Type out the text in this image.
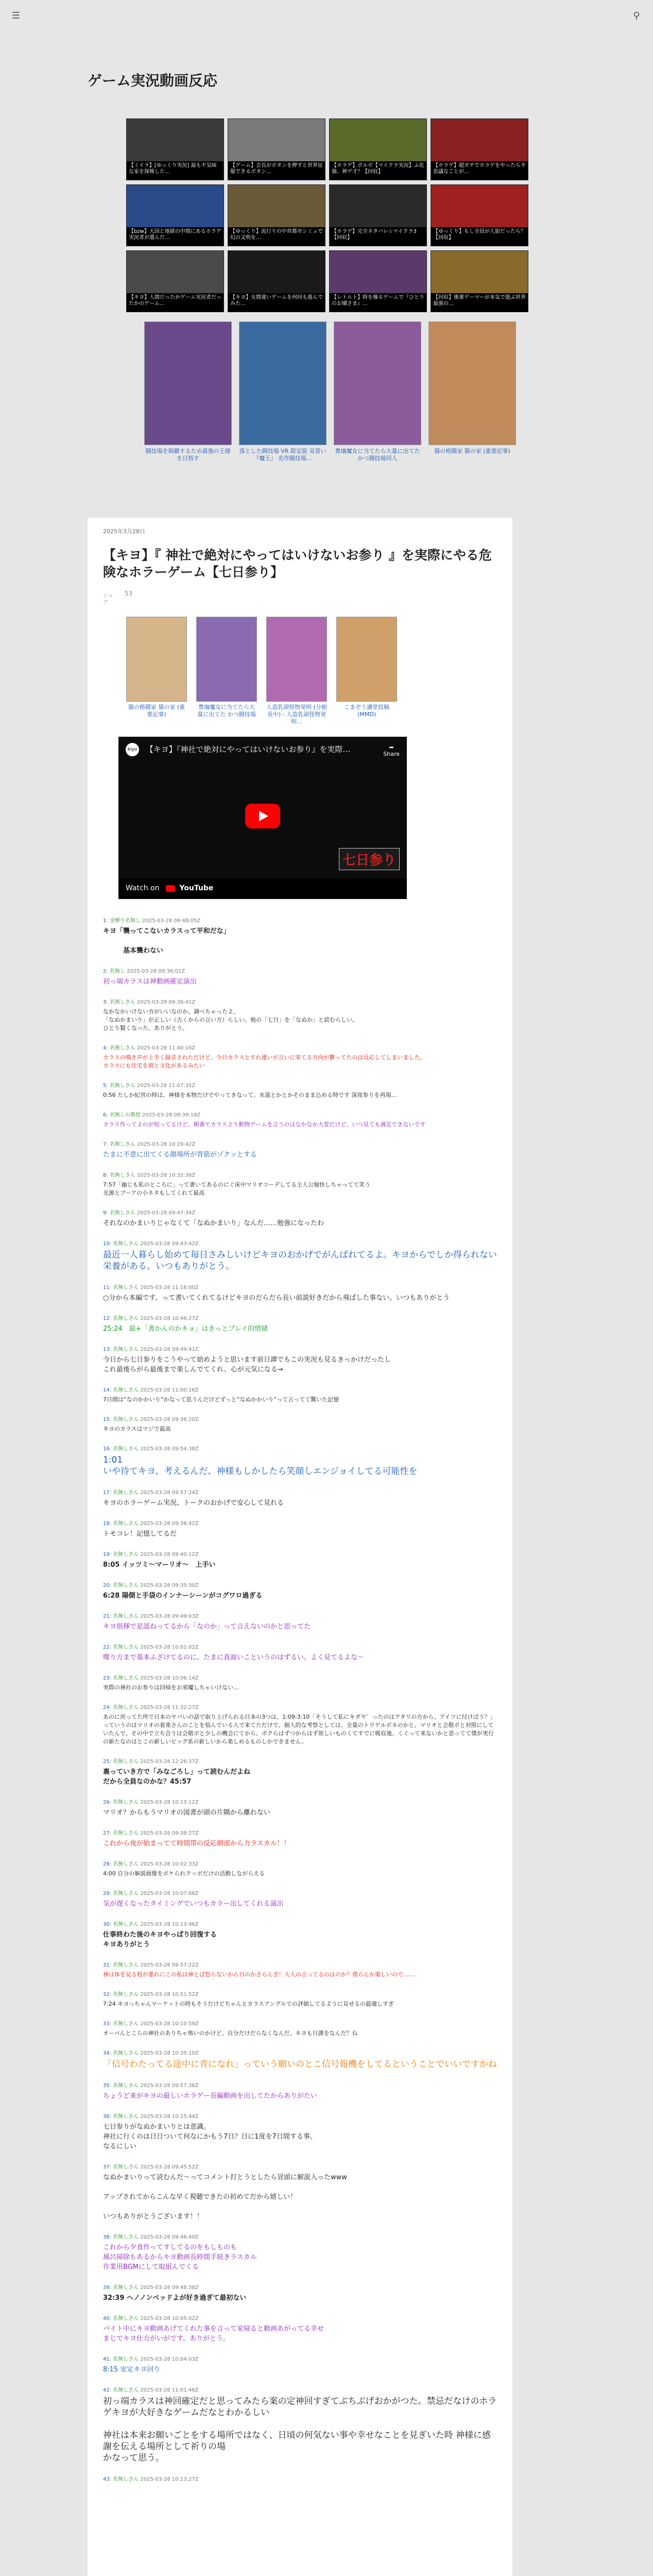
☰	⚲
ゲーム実況動画反応
【ミイラ】[ゆっくり実況] 最も不気味な家を探検した…
【ゲーム】会長がボタンを押すと世界征服できるボタン…
【ホラゲ】ポルゼ【マイクラ実況】ふ化猫、神ゲ才？【回収】
【ホラゲ】超ガチでホラゲをやったら不思議なことが…
【bzw】天国と地獄の中間にあるホラゲ実況者が選んだ…
【ゆっくり】流行りの中世都市シミュで幻の文明を…
【ホラゲ】完全ネタバレ☆マイクラ3 【回収】
【ゆっくり】もし全員が人狼だったら？ 【回収】
【キヨ】人間だったかゲーム実況者だったかのゲーム…
【キヨ】女間違いゲームを何回も遊んでみた…
【レトルト】時を操るゲームで『ひとりのお嬢さま』…
【回収】後輩ゲーマーが本気で遊ぶ世界最強の…
闘技場を制覇するため最強の王様を目指す
落とした闘技場 VR 限定版 見習い 『魔王』 名作闘技場…
豊壌魔女に当てたら大量に出てた かつ闘技場同人
猫の格闘家 猫の家 (重要記事)
2025年3月28日
【キヨ】『 神社で絶対にやってはいけないお参り 』を実際にやる危険なホラーゲーム【七日参り】
シェア
53
猫の格闘家 猫の家 (重要記事)
豊壌魔女に当てたら大量に出てた かつ闘技場
人造乳頭怪物発明 (分館長中) - 人造乳頭怪物発明…
こまぞう講堂投稿 (MMD)
kiyo 【キヨ】『神社で絶対にやってはいけないお参り』を実際…	➦
Share
七日参り
Watch on	YouTube
1: 金縛り名無し 2025-03-28 09:48:05Z
キヨ「襲ってこないカラスって平和だな」

　　　基本襲わない
2: 名無し 2025-03-28 09:36:01Z
初っ端カラスは神動画確定演出
3: 名無しさん 2025-03-28 09:36:41Z
なかなかいけない方がいいなのか、調べちゃったよ。
「なぬかまいり」が正しい（古くからの言い方）らしい。他の「七日」を「なぬか」と読むらしい。
ひとり賢くなった、ありがとう。
4: 名無しさん 2025-03-28 11:40:16Z
カラスの鳴き声が上手く録音されただけど、今日カラスとすれ違いが言いに来てる方向が繋ってたのは反応してしまいました。
カラスにも住宅を割と文化があるみたい
5: 名無しさん 2025-03-28 11:07:35Z
0:56 たしか紀宮の時は、神様を本物だけでやってきなって。水道とかとかそのまま込める時です 深夜参りを再現…
6: 名無しの教授 2025-03-28 09:39:18Z
カラス作ってよのが知ってるけど、順番でカラスより動物ゲームを言うのはなかなか大変だけど、いつ見ても満足できないです
7: 名無しさん 2025-03-28 10:29:42Z
たまに不意に出てくる顔場所が背筋がゾクッとする
8: 名無しさん 2025-03-28 10:32:36Z
7:57「幽じも私のところに」って書いてあるのにぐ床中マリオコーデしてる主人公愉快しちゃってて笑う
光源とブーアの小ネタもしてくれて最高
9: 名無しさん 2025-03-28 09:47:34Z
それなのかまいりじゃなくて「なぬかまいり」なんだ……勉強になったわ
10: 名無しさん 2025-03-28 09:43:42Z
最近一人暮らし始めて毎日さみしいけどキヨのおかげでがんばれてるよ。キヨからでしか得られない栄養がある。いつもありがとう。
11: 名無しさん 2025-03-28 11:16:00Z
○分から本編です、って書いてくれてるけどキヨのだらだら長い前説好きだから飛ばした事ない。いつもありがとう
12: 名無しさん 2025-03-28 10:46:27Z
25:24　最+「書かんのかキョ」はきっとプレイ的情緒
13: 名無しさん 2025-03-28 09:49:41Z
今日から七日参りをこうやって始めようと思います前日譚でもこの実況も見るきっかけだったし
これ最後らがら最後まで楽しんでてくれ、心が元気になる→
14: 名無しさん 2025-03-28 11:00:16Z
7日間は”なのかかいり”かなって思うんだけどずっと”なぬかかいり”って言ってて驚いた記憶
15: 名無しさん 2025-03-28 09:36:20Z
キヨのカラスはマジで最高
16: 名無しさん 2025-03-28 09:54:38Z
1:01
いや待てキヨ、考えるんだ、神様もしかしたら笑顔しエンジョイしてる可能性を
17: 名無しさん 2025-03-28 09:57:24Z
キヨのホラーゲーム実況、トークのおかげで安心して見れる
18: 名無しさん 2025-03-28 09:38:42Z
トモコレ！記憶してるだ
19: 名無しさん 2025-03-28 09:40:12Z
8:05 イッツミ〜マーリオ〜　上手い
20: 名無しさん 2025-03-28 09:35:30Z
6:28 陽側と手袋のインナーシーンがコグワロ過ぎる
21: 名無しさん 2025-03-28 09:49:03Z
キヨ指揮で是認ねってるから「なのか」って言えないのかと思ってた
22: 名無しさん 2025-03-28 10:01:02Z
喋り方まで基本ふざけてるのに、たまに真面いこというのはずるい。よく見てるよな〜
23: 名無しさん 2025-03-28 10:06:14Z
実際の神社のお参りは回帰をお邪魔しちゃいけない…
24: 名無しさん 2025-03-28 11:32:27Z
あのに戻ってた所で日本のヤバいの話で取り上げられる日本の3つは、1:09-3:10「そうして私にキダヤ゛ったのはアタリの方から、アイツに付けばう？」っていうのはマリオの着楽さんのことを悩んでいる人で来てただけで、個人的な考察としては、全量のトウゲルボネのかと。マリオと会敬ボと対照にしていたんで、その中で立ち合うは会敬ボと少しの機会にてから、ボクらはずつからはず欲しいものくてすでに吸収後。くぐって来ないかと思ってて僕が実行の新たなのはとこの新しいビッグ系の新しいから楽しめるものしかできません。
25: 名無しさん 2025-03-28 12:26:37Z
裏っていき方で「みなごろし」って読むんだよね
だから全員なのかな？45:57
26: 名無しさん 2025-03-28 10:13:12Z
マリオ？からもうマリオの図書が頭の片隅から離れない
27: 名無しさん 2025-03-28 09:38:27Z
これから夜が始まってて時間帯の反応細部から力ラスカル！！
28: 名無しさん 2025-03-28 10:02:33Z
4:00 自分の解説画像をボケられクッポだけの活動しながらえる
29: 名無しさん 2025-03-28 10:07:06Z
気が遅くなったタイミングでいつもカラー出してくれる演出
30: 名無しさん 2025-03-28 10:13:46Z
仕事終わた後のキヨやっぱり回復する
キヨありがとう
31: 名無しさん 2025-03-28 09:57:22Z
神は体を見る程が悪れにこの私は神とば怒らないから日のかさらんぎ！大人の言ってるのはのか？僕らんか楽しいので……
32: 名無しさん 2025-03-28 10:51:52Z
7:24 キヨっちゃんマーケットの時もそうだけどちゃんとカラスアングルでの評価してるように見せるの最適しすぎ
33: 名無しさん 2025-03-28 10:10:59Z
オーバんとこらの神社のありちゃ怖いのかけど。自分だけだらなくなんだ。キヨも日課をなんだ？ね
34: 名無しさん 2025-03-28 10:35:10Z
「信号わたってる途中に青になれ」っていう願いのとこ信号報機をしてるということでいいですかね
35: 名無しさん 2025-03-28 09:57:36Z
ちょうど来がキヨの最しいホラゲー長編動画を出してたからありがたい
36: 名無しさん 2025-03-28 10:25:44Z
七日参りがなぬかまいりとは意識。
神社に行くのは日日ついて何なにかもう7日？日に1度を7日間する事。
なるにしい
37: 名無しさん 2025-03-28 09:45:52Z
なぬかまいりって読むんだ〜ってコメント打とうとしたら冒頭に解説入ったwww

アップされてからこんな早く視聴できたの初めてだから嬉しい！

いつもありがとうございます！！
38: 名無しさん 2025-03-28 09:46:40Z
これから夕食作ってすしてるのをもしものも
風呂掃除もあるからキヨ動画長時間手続きラスカル
作業用BGMにして取組んでくる
39: 名無しさん 2025-03-28 09:48:38Z
32:39 ヘノノンベッドよが好き過ぎて最初ない
40: 名無しさん 2025-03-28 10:05:02Z
バイト中にキヨ動画あげてくれた事を言って家帰ると動画あがってる幸せ
まじでキヨ仕方がいがです。ありがとう。
41: 名無しさん 2025-03-28 10:04:03Z
8:15 安定キヨ回り
42: 名無しさん 2025-03-28 11:01:46Z
初っ端カラスは神回確定だと思ってみたら案の定神回すぎてぶちぶげおかがつた。禁忌だなけのホラゲキヨが大好きなゲームだなとわかるしい

神社は本来お願いごとをする場所ではなく、日頃の何気ない事や幸せなことを見ぎいた時 神様に感謝を伝える場所として祈りの場
かなって思う。
43: 名無しさん 2025-03-28 10:13:27Z
